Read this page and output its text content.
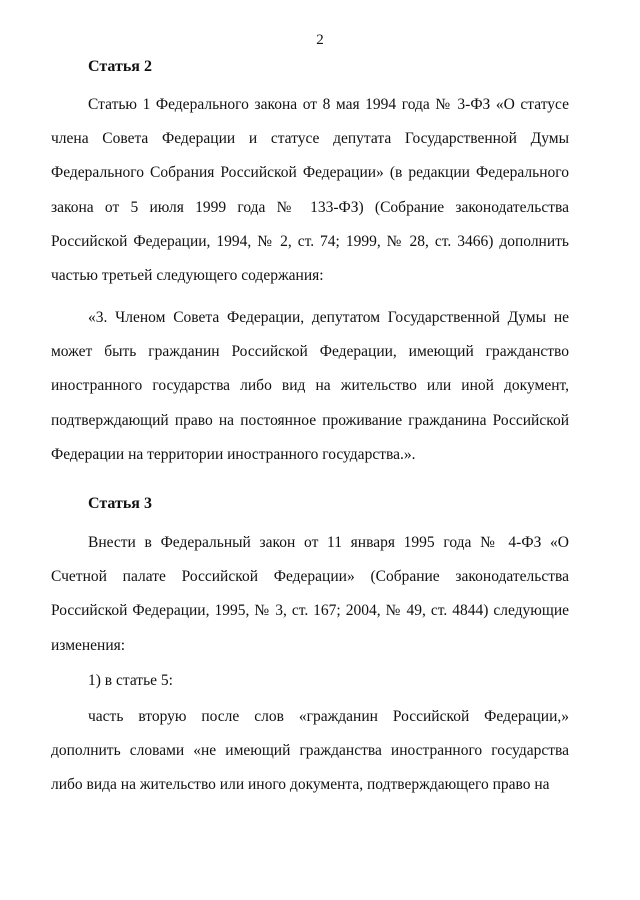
2
Статья 2

Статью 1 Федерального закона от 8 мая 1994 года № 3-ФЗ «О статусе члена Совета Федерации и статусе депутата Государственной Думы Федерального Собрания Российской Федерации» (в редакции Федерального закона от 5 июля 1999 года № 133-ФЗ) (Собрание законодательства Российской Федерации, 1994, № 2, ст. 74; 1999, № 28, ст. 3466) дополнить частью третьей следующего содержания:

«3. Членом Совета Федерации, депутатом Государственной Думы не может быть гражданин Российской Федерации, имеющий гражданство иностранного государства либо вид на жительство или иной документ, подтверждающий право на постоянное проживание гражданина Российской Федерации на территории иностранного государства.».

Статья 3

Внести в Федеральный закон от 11 января 1995 года № 4-ФЗ «О Счетной палате Российской Федерации» (Собрание законодательства Российской Федерации, 1995, № 3, ст. 167; 2004, № 49, ст. 4844) следующие изменения:

1) в статье 5:

часть вторую после слов «гражданин Российской Федерации,» дополнить словами «не имеющий гражданства иностранного государства либо вида на жительство или иного документа, подтверждающего право на
